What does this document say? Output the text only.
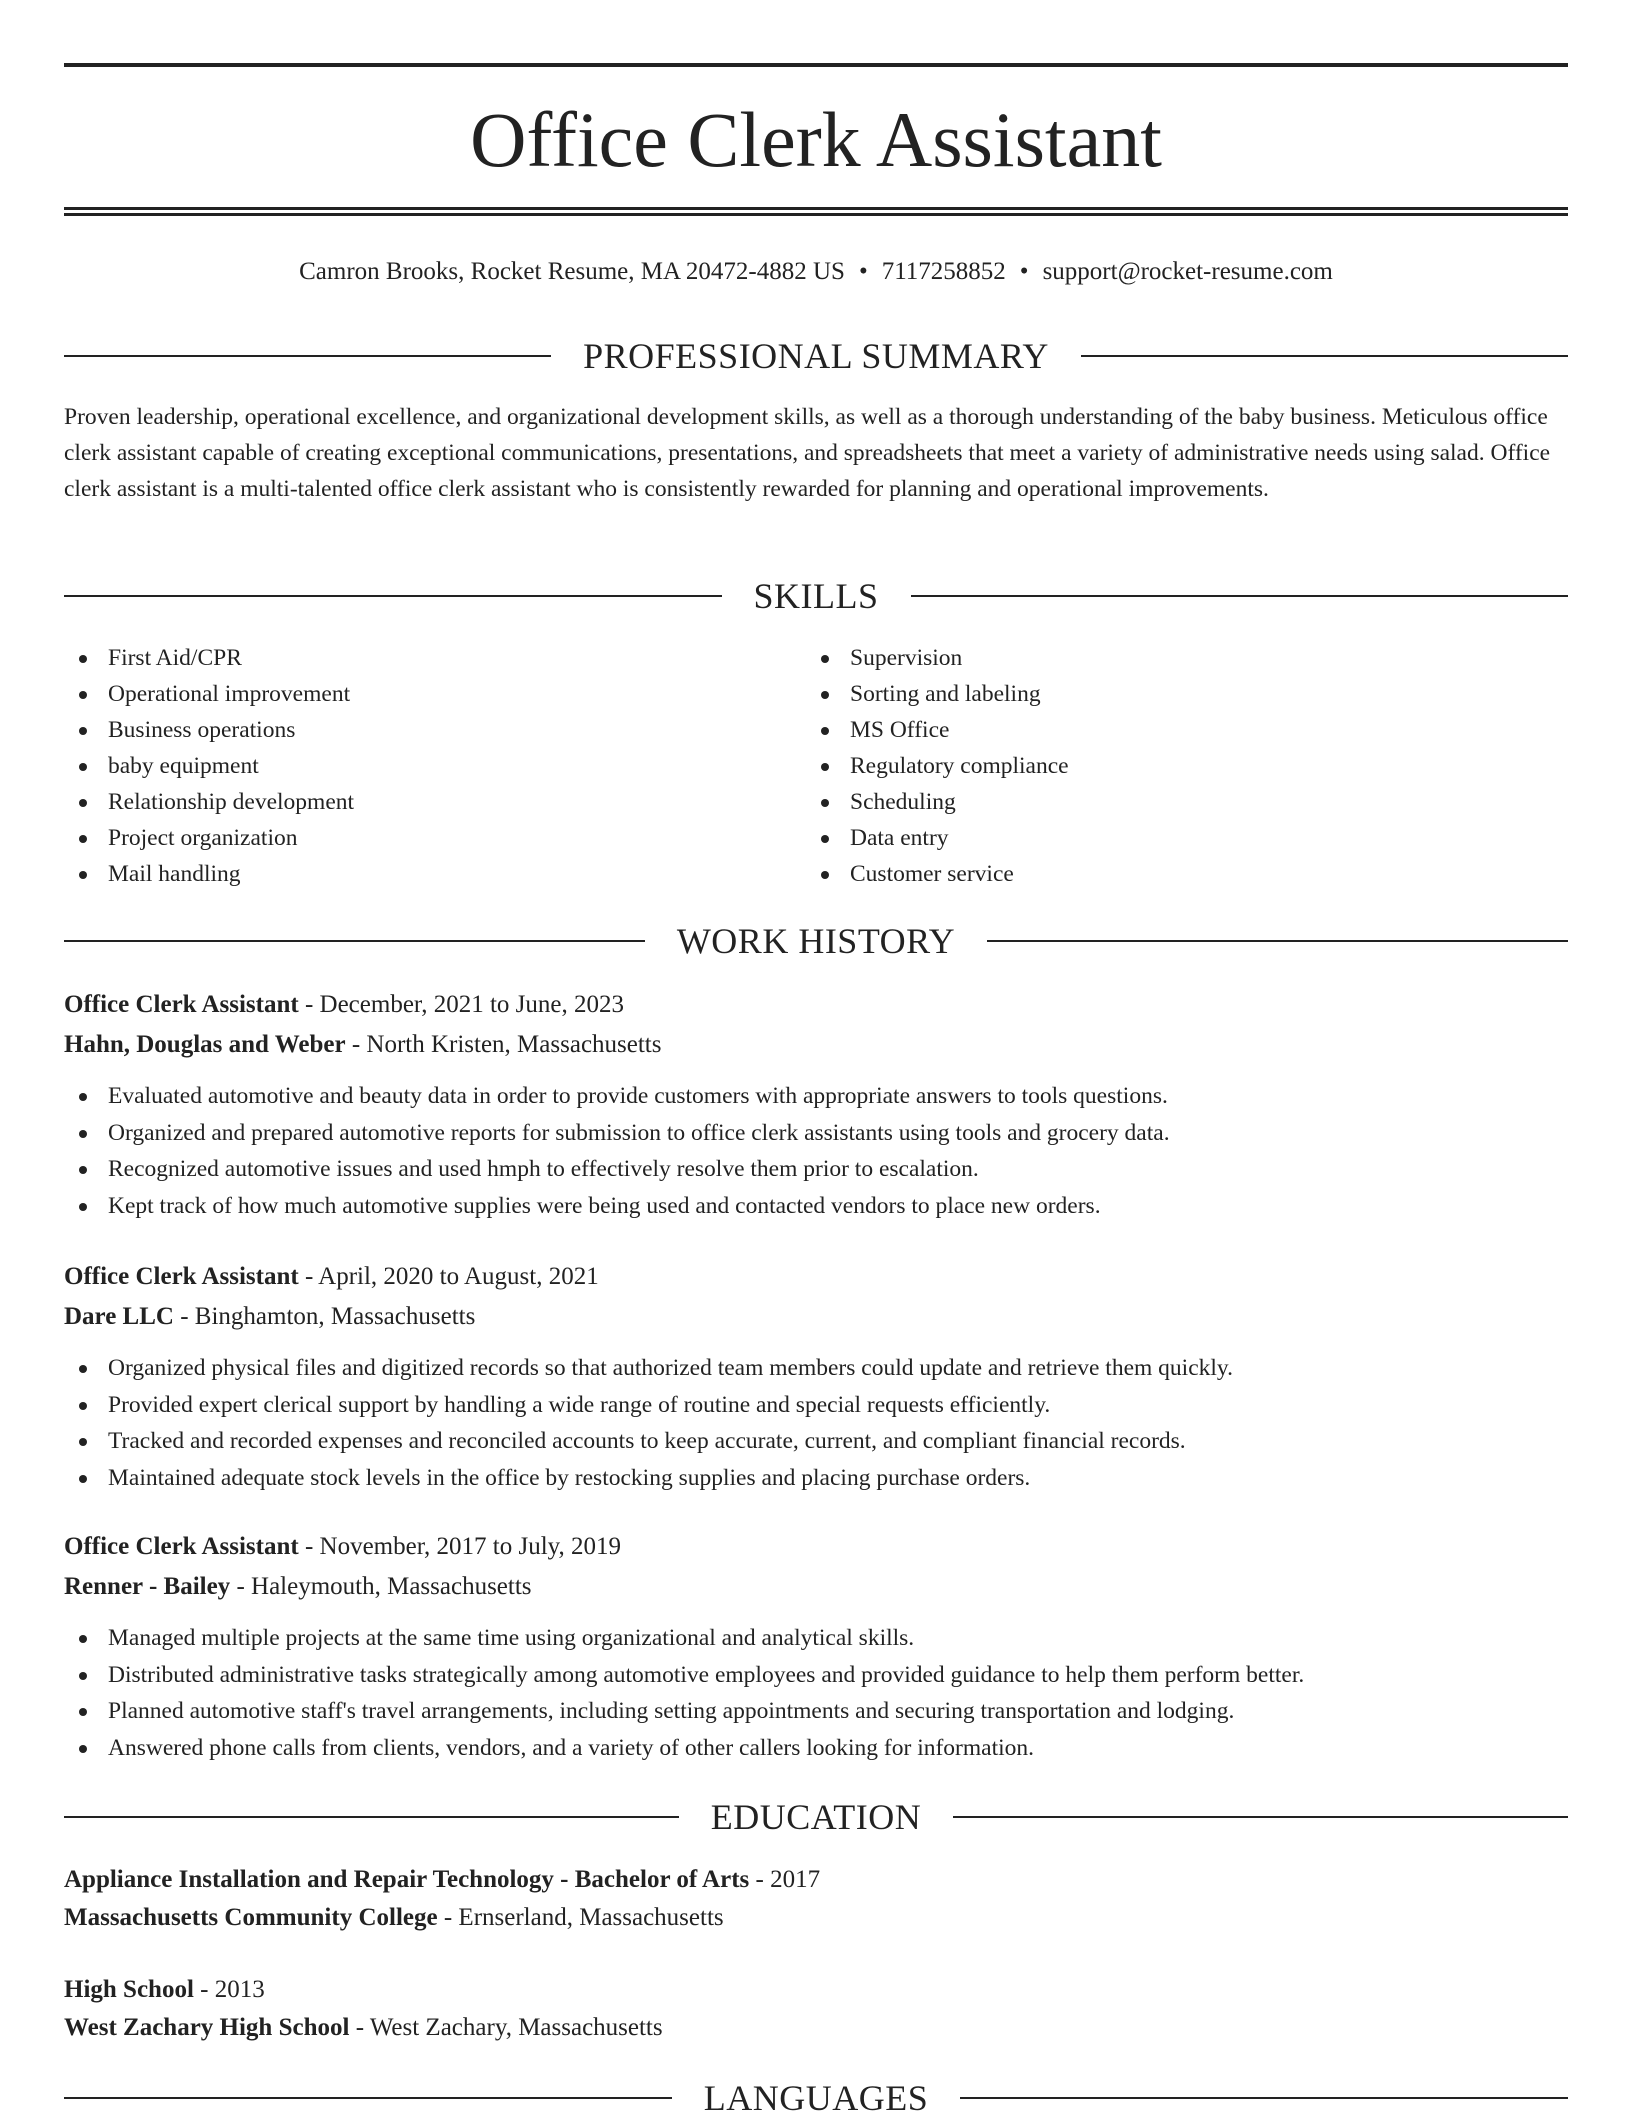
Office Clerk Assistant
Camron Brooks, Rocket Resume, MA 20472-4882 US • 7117258852 • support@rocket-resume.com
PROFESSIONAL SUMMARY

Proven leadership, operational excellence, and organizational development skills, as well as a thorough understanding of the baby business. Meticulous office clerk assistant capable of creating exceptional communications, presentations, and spreadsheets that meet a variety of administrative needs using salad. Office clerk assistant is a multi-talented office clerk assistant who is consistently rewarded for planning and operational improvements.

SKILLS
First Aid/CPR
Operational improvement
Business operations
baby equipment
Relationship development
Project organization
Mail handling
Supervision
Sorting and labeling
MS Office
Regulatory compliance
Scheduling
Data entry
Customer service
WORK HISTORY
Office Clerk Assistant - December, 2021 to June, 2023
Hahn, Douglas and Weber - North Kristen, Massachusetts
Evaluated automotive and beauty data in order to provide customers with appropriate answers to tools questions.
Organized and prepared automotive reports for submission to office clerk assistants using tools and grocery data.
Recognized automotive issues and used hmph to effectively resolve them prior to escalation.
Kept track of how much automotive supplies were being used and contacted vendors to place new orders.
Office Clerk Assistant - April, 2020 to August, 2021
Dare LLC - Binghamton, Massachusetts
Organized physical files and digitized records so that authorized team members could update and retrieve them quickly.
Provided expert clerical support by handling a wide range of routine and special requests efficiently.
Tracked and recorded expenses and reconciled accounts to keep accurate, current, and compliant financial records.
Maintained adequate stock levels in the office by restocking supplies and placing purchase orders.
Office Clerk Assistant - November, 2017 to July, 2019
Renner - Bailey - Haleymouth, Massachusetts
Managed multiple projects at the same time using organizational and analytical skills.
Distributed administrative tasks strategically among automotive employees and provided guidance to help them perform better.
Planned automotive staff's travel arrangements, including setting appointments and securing transportation and lodging.
Answered phone calls from clients, vendors, and a variety of other callers looking for information.
EDUCATION
Appliance Installation and Repair Technology - Bachelor of Arts - 2017
Massachusetts Community College - Ernserland, Massachusetts
High School - 2013
West Zachary High School - West Zachary, Massachusetts
LANGUAGES
